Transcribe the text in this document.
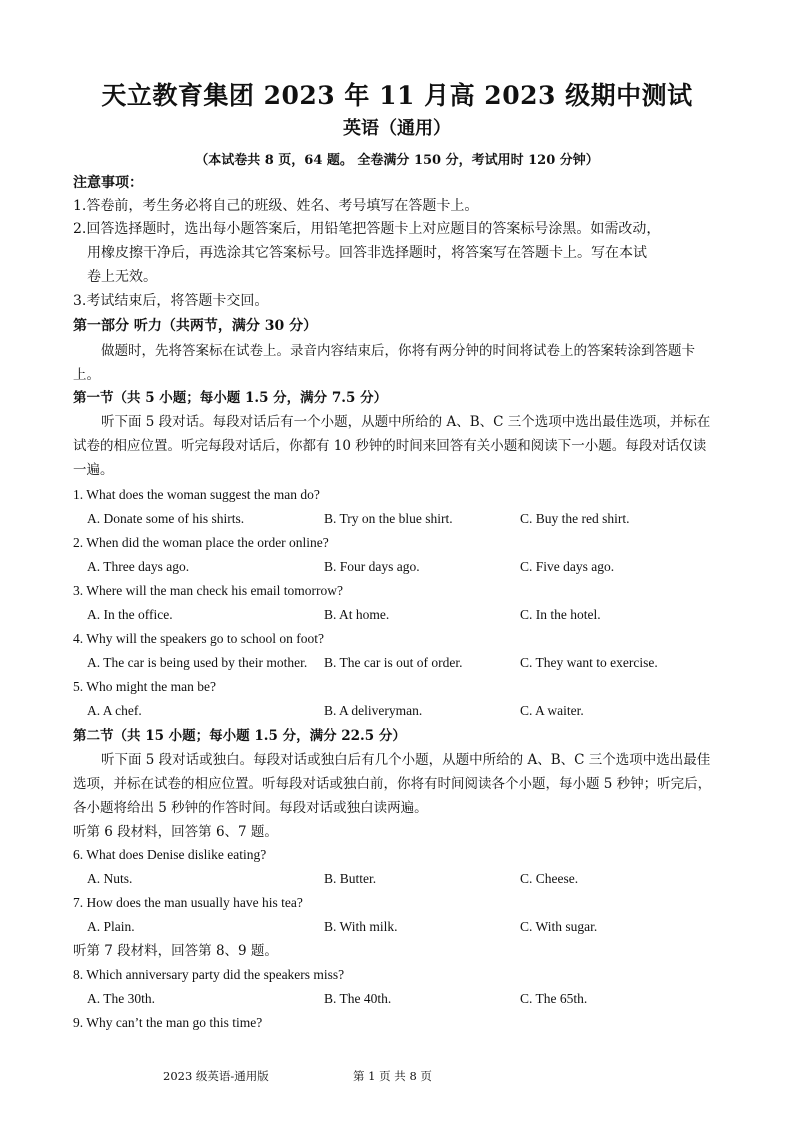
天立教育集团 2023 年 11 月高 2023 级期中测试
英语（通用）
（本试卷共 8 页，64 题。 全卷满分 150 分，考试用时 120 分钟）
注意事项：
1.答卷前，考生务必将自己的班级、姓名、考号填写在答题卡上。
2.回答选择题时，选出每小题答案后，用铅笔把答题卡上对应题目的答案标号涂黑。如需改动，
用橡皮擦干净后，再选涂其它答案标号。回答非选择题时，将答案写在答题卡上。写在本试
卷上无效。
3.考试结束后，将答题卡交回。
第一部分 听力（共两节，满分 30 分）
做题时，先将答案标在试卷上。录音内容结束后，你将有两分钟的时间将试卷上的答案转涂到答题卡
上。
第一节（共 5 小题；每小题 1.5 分，满分 7.5 分）
听下面 5 段对话。每段对话后有一个小题，从题中所给的 A、B、C 三个选项中选出最佳选项，并标在
试卷的相应位置。听完每段对话后，你都有 10 秒钟的时间来回答有关小题和阅读下一小题。每段对话仅读
一遍。
1. What does the woman suggest the man do?
A. Donate some of his shirts.	B. Try on the blue shirt.	C. Buy the red shirt.
2. When did the woman place the order online?
A. Three days ago.	B. Four days ago.	C. Five days ago.
3. Where will the man check his email tomorrow?
A. In the office.	B. At home.	C. In the hotel.
4. Why will the speakers go to school on foot?
A. The car is being used by their mother. B. The car is out of order.	C. They want to exercise.
5. Who might the man be?
A. A chef.	B. A deliveryman.	C. A waiter.
第二节（共 15 小题；每小题 1.5 分，满分 22.5 分）
听下面 5 段对话或独白。每段对话或独白后有几个小题，从题中所给的 A、B、C 三个选项中选出最佳
选项，并标在试卷的相应位置。听每段对话或独白前，你将有时间阅读各个小题，每小题 5 秒钟；听完后，
各小题将给出 5 秒钟的作答时间。每段对话或独白读两遍。
听第 6 段材料，回答第 6、7 题。
6. What does Denise dislike eating?
A. Nuts.	B. Butter.	C. Cheese.
7. How does the man usually have his tea?
A. Plain.	B. With milk.	C. With sugar.
听第 7 段材料，回答第 8、9 题。
8. Which anniversary party did the speakers miss?
A. The 30th.	B. The 40th.	C. The 65th.
9. Why can’t the man go this time?
2023 级英语-通用版	第 1 页 共 8 页
